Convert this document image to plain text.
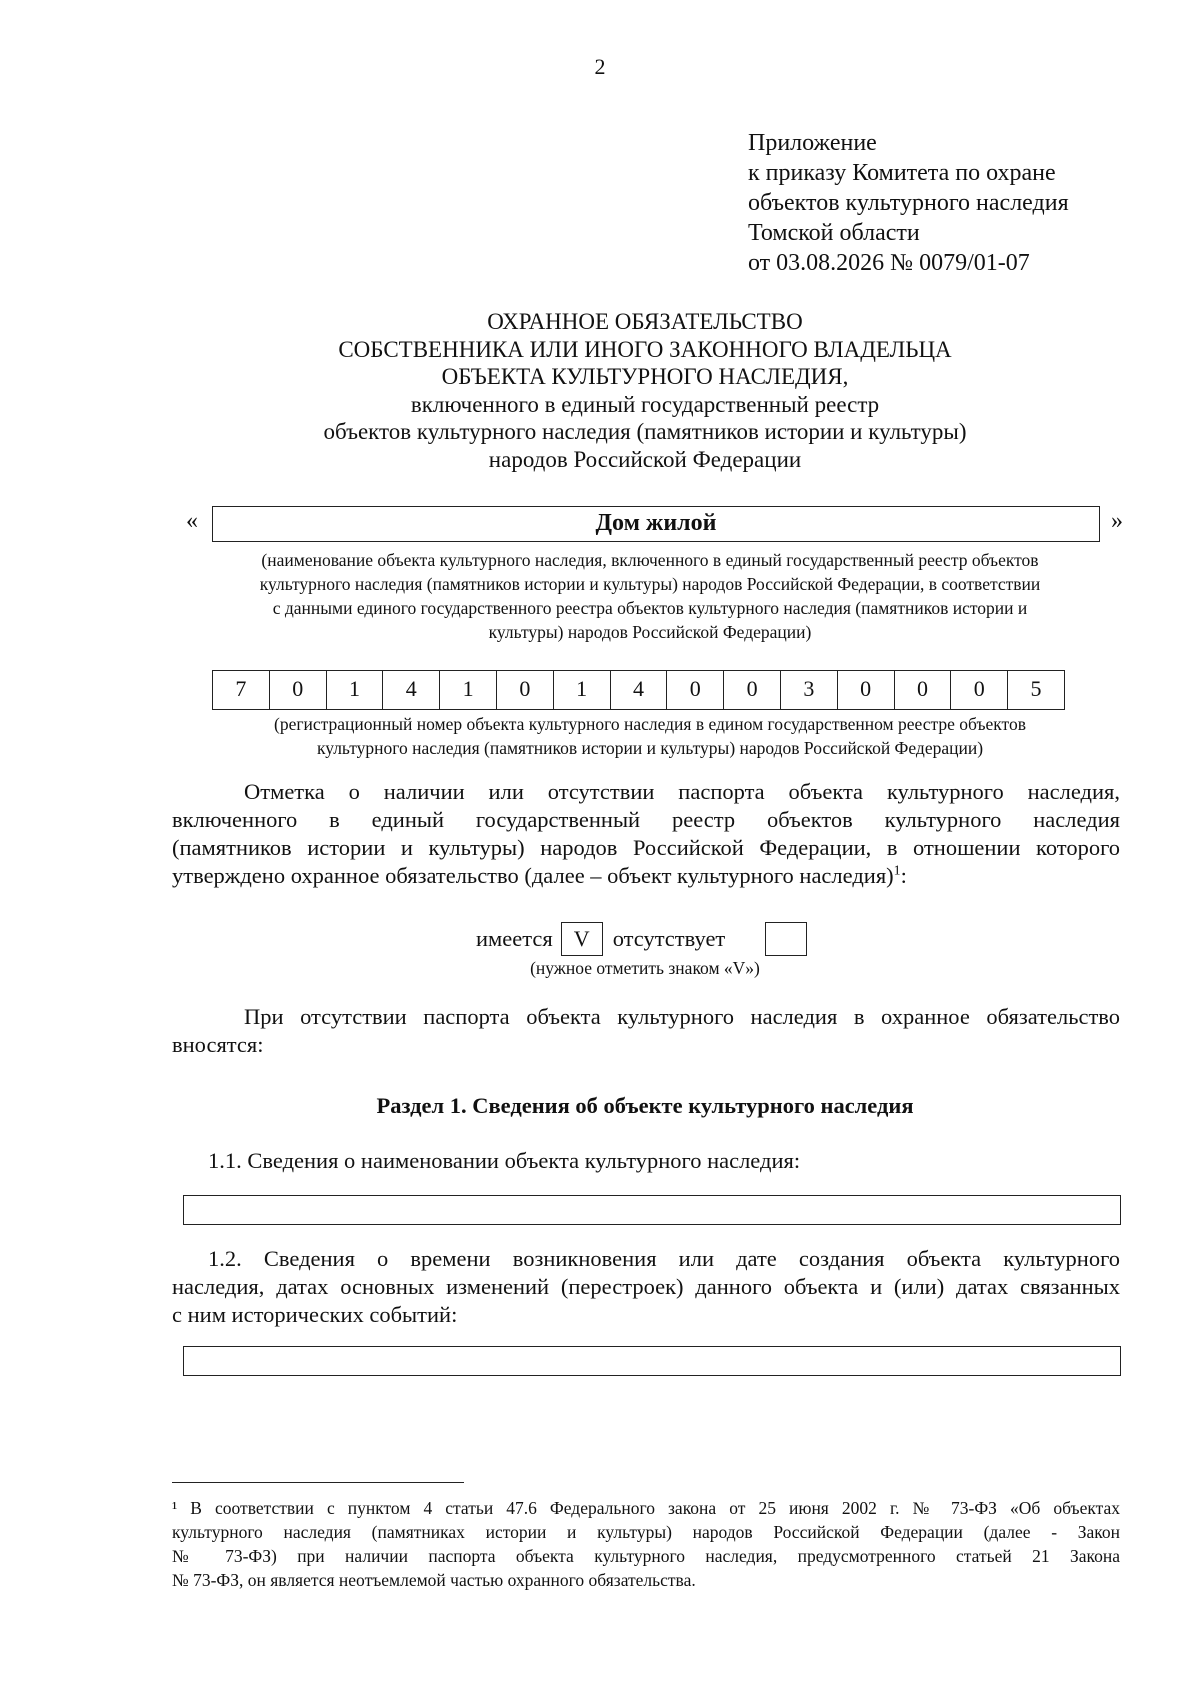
2
Приложение
к приказу Комитета по охране
объектов культурного наследия
Томской области
от 03.08.2026 № 0079/01-07
ОХРАННОЕ ОБЯЗАТЕЛЬСТВО
СОБСТВЕННИКА ИЛИ ИНОГО ЗАКОННОГО ВЛАДЕЛЬЦА
ОБЪЕКТА КУЛЬТУРНОГО НАСЛЕДИЯ,
включенного в единый государственный реестр
объектов культурного наследия (памятников истории и культуры)
народов Российской Федерации
«	Дом жилой	»
(наименование объекта культурного наследия, включенного в единый государственный реестр объектов
культурного наследия (памятников истории и культуры) народов Российской Федерации, в соответствии
с данными единого государственного реестра объектов культурного наследия (памятников истории и
культуры) народов Российской Федерации)
7	0	1	4	1	0	1	4	0	0	3	0	0	0	5
(регистрационный номер объекта культурного наследия в едином государственном реестре объектов
культурного наследия (памятников истории и культуры) народов Российской Федерации)
Отметка о наличии или отсутствии паспорта объекта культурного наследия,
включенного в единый государственный реестр объектов культурного наследия
(памятников истории и культуры) народов Российской Федерации, в отношении которого
утверждено охранное обязательство (далее – объект культурного наследия)$^1$:
имеется V	отсутствует
(нужное отметить знаком «V»)
При отсутствии паспорта объекта культурного наследия в охранное обязательство
вносятся:
Раздел 1. Сведения об объекте культурного наследия
1.1. Сведения о наименовании объекта культурного наследия:
1.2. Сведения о времени возникновения или дате создания объекта культурного
наследия, датах основных изменений (перестроек) данного объекта и (или) датах связанных
с ним исторических событий:
¹ В соответствии с пунктом 4 статьи 47.6 Федерального закона от 25 июня 2002 г. № 73-ФЗ «Об объектах
культурного наследия (памятниках истории и культуры) народов Российской Федерации (далее - Закон
№ 73-ФЗ) при наличии паспорта объекта культурного наследия, предусмотренного статьей 21 Закона
№ 73-ФЗ, он является неотъемлемой частью охранного обязательства.
